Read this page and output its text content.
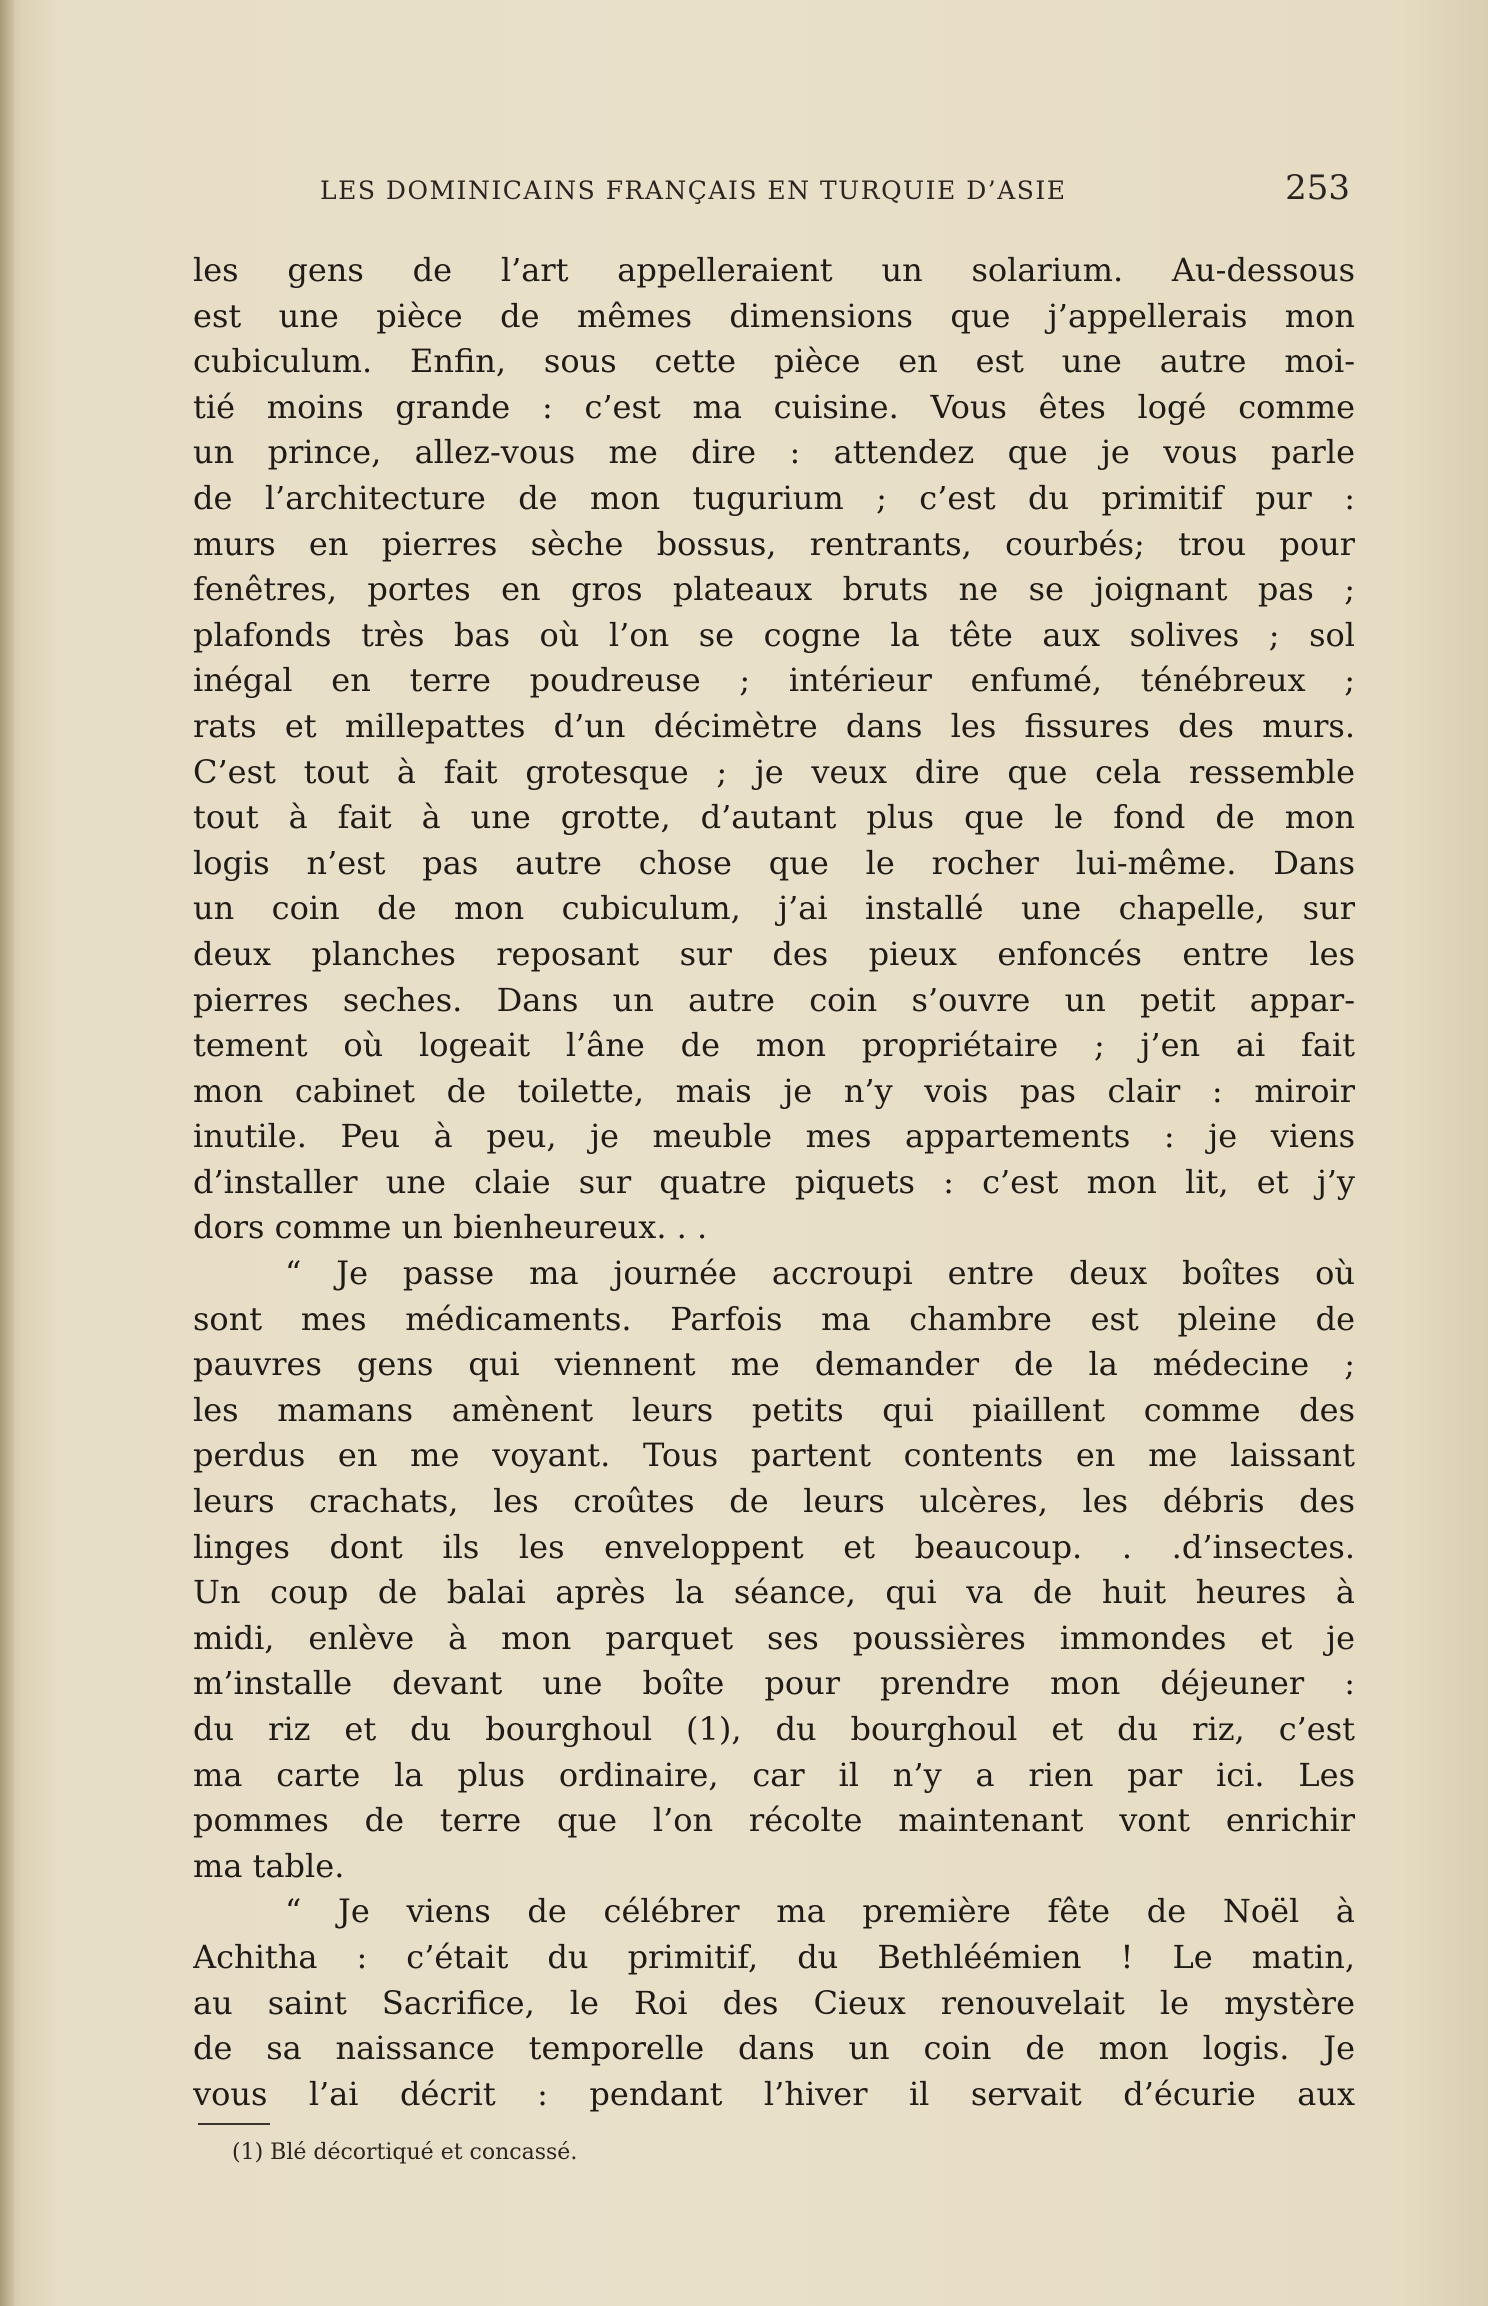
LES DOMINICAINS FRANÇAIS EN TURQUIE D’ASIE	253
les gens de l’art appelleraient un solarium. Au-dessous
est une pièce de mêmes dimensions que j’appellerais mon
cubiculum. Enfin, sous cette pièce en est une autre moi-
tié moins grande : c’est ma cuisine. Vous êtes logé comme
un prince, allez-vous me dire : attendez que je vous parle
de l’architecture de mon tugurium ; c’est du primitif pur :
murs en pierres sèche bossus, rentrants, courbés; trou pour
fenêtres, portes en gros plateaux bruts ne se joignant pas ;
plafonds très bas où l’on se cogne la tête aux solives ; sol
inégal en terre poudreuse ; intérieur enfumé, ténébreux ;
rats et millepattes d’un décimètre dans les fissures des murs.
C’est tout à fait grotesque ; je veux dire que cela ressemble
tout à fait à une grotte, d’autant plus que le fond de mon
logis n’est pas autre chose que le rocher lui-même. Dans
un coin de mon cubiculum, j’ai installé une chapelle, sur
deux planches reposant sur des pieux enfoncés entre les
pierres seches. Dans un autre coin s’ouvre un petit appar-
tement où logeait l’âne de mon propriétaire ; j’en ai fait
mon cabinet de toilette, mais je n’y vois pas clair : miroir
inutile. Peu à peu, je meuble mes appartements : je viens
d’installer une claie sur quatre piquets : c’est mon lit, et j’y
dors comme un bienheureux. . .
“ Je passe ma journée accroupi entre deux boîtes où
sont mes médicaments. Parfois ma chambre est pleine de
pauvres gens qui viennent me demander de la médecine ;
les mamans amènent leurs petits qui piaillent comme des
perdus en me voyant. Tous partent contents en me laissant
leurs crachats, les croûtes de leurs ulcères, les débris des
linges dont ils les enveloppent et beaucoup. . .d’insectes.
Un coup de balai après la séance, qui va de huit heures à
midi, enlève à mon parquet ses poussières immondes et je
m’installe devant une boîte pour prendre mon déjeuner :
du riz et du bourghoul (1), du bourghoul et du riz, c’est
ma carte la plus ordinaire, car il n’y a rien par ici. Les
pommes de terre que l’on récolte maintenant vont enrichir
ma table.
“ Je viens de célébrer ma première fête de Noël à
Achitha : c’était du primitif, du Bethléémien ! Le matin,
au saint Sacrifice, le Roi des Cieux renouvelait le mystère
de sa naissance temporelle dans un coin de mon logis. Je
vous l’ai décrit : pendant l’hiver il servait d’écurie aux
(1) Blé décortiqué et concassé.
